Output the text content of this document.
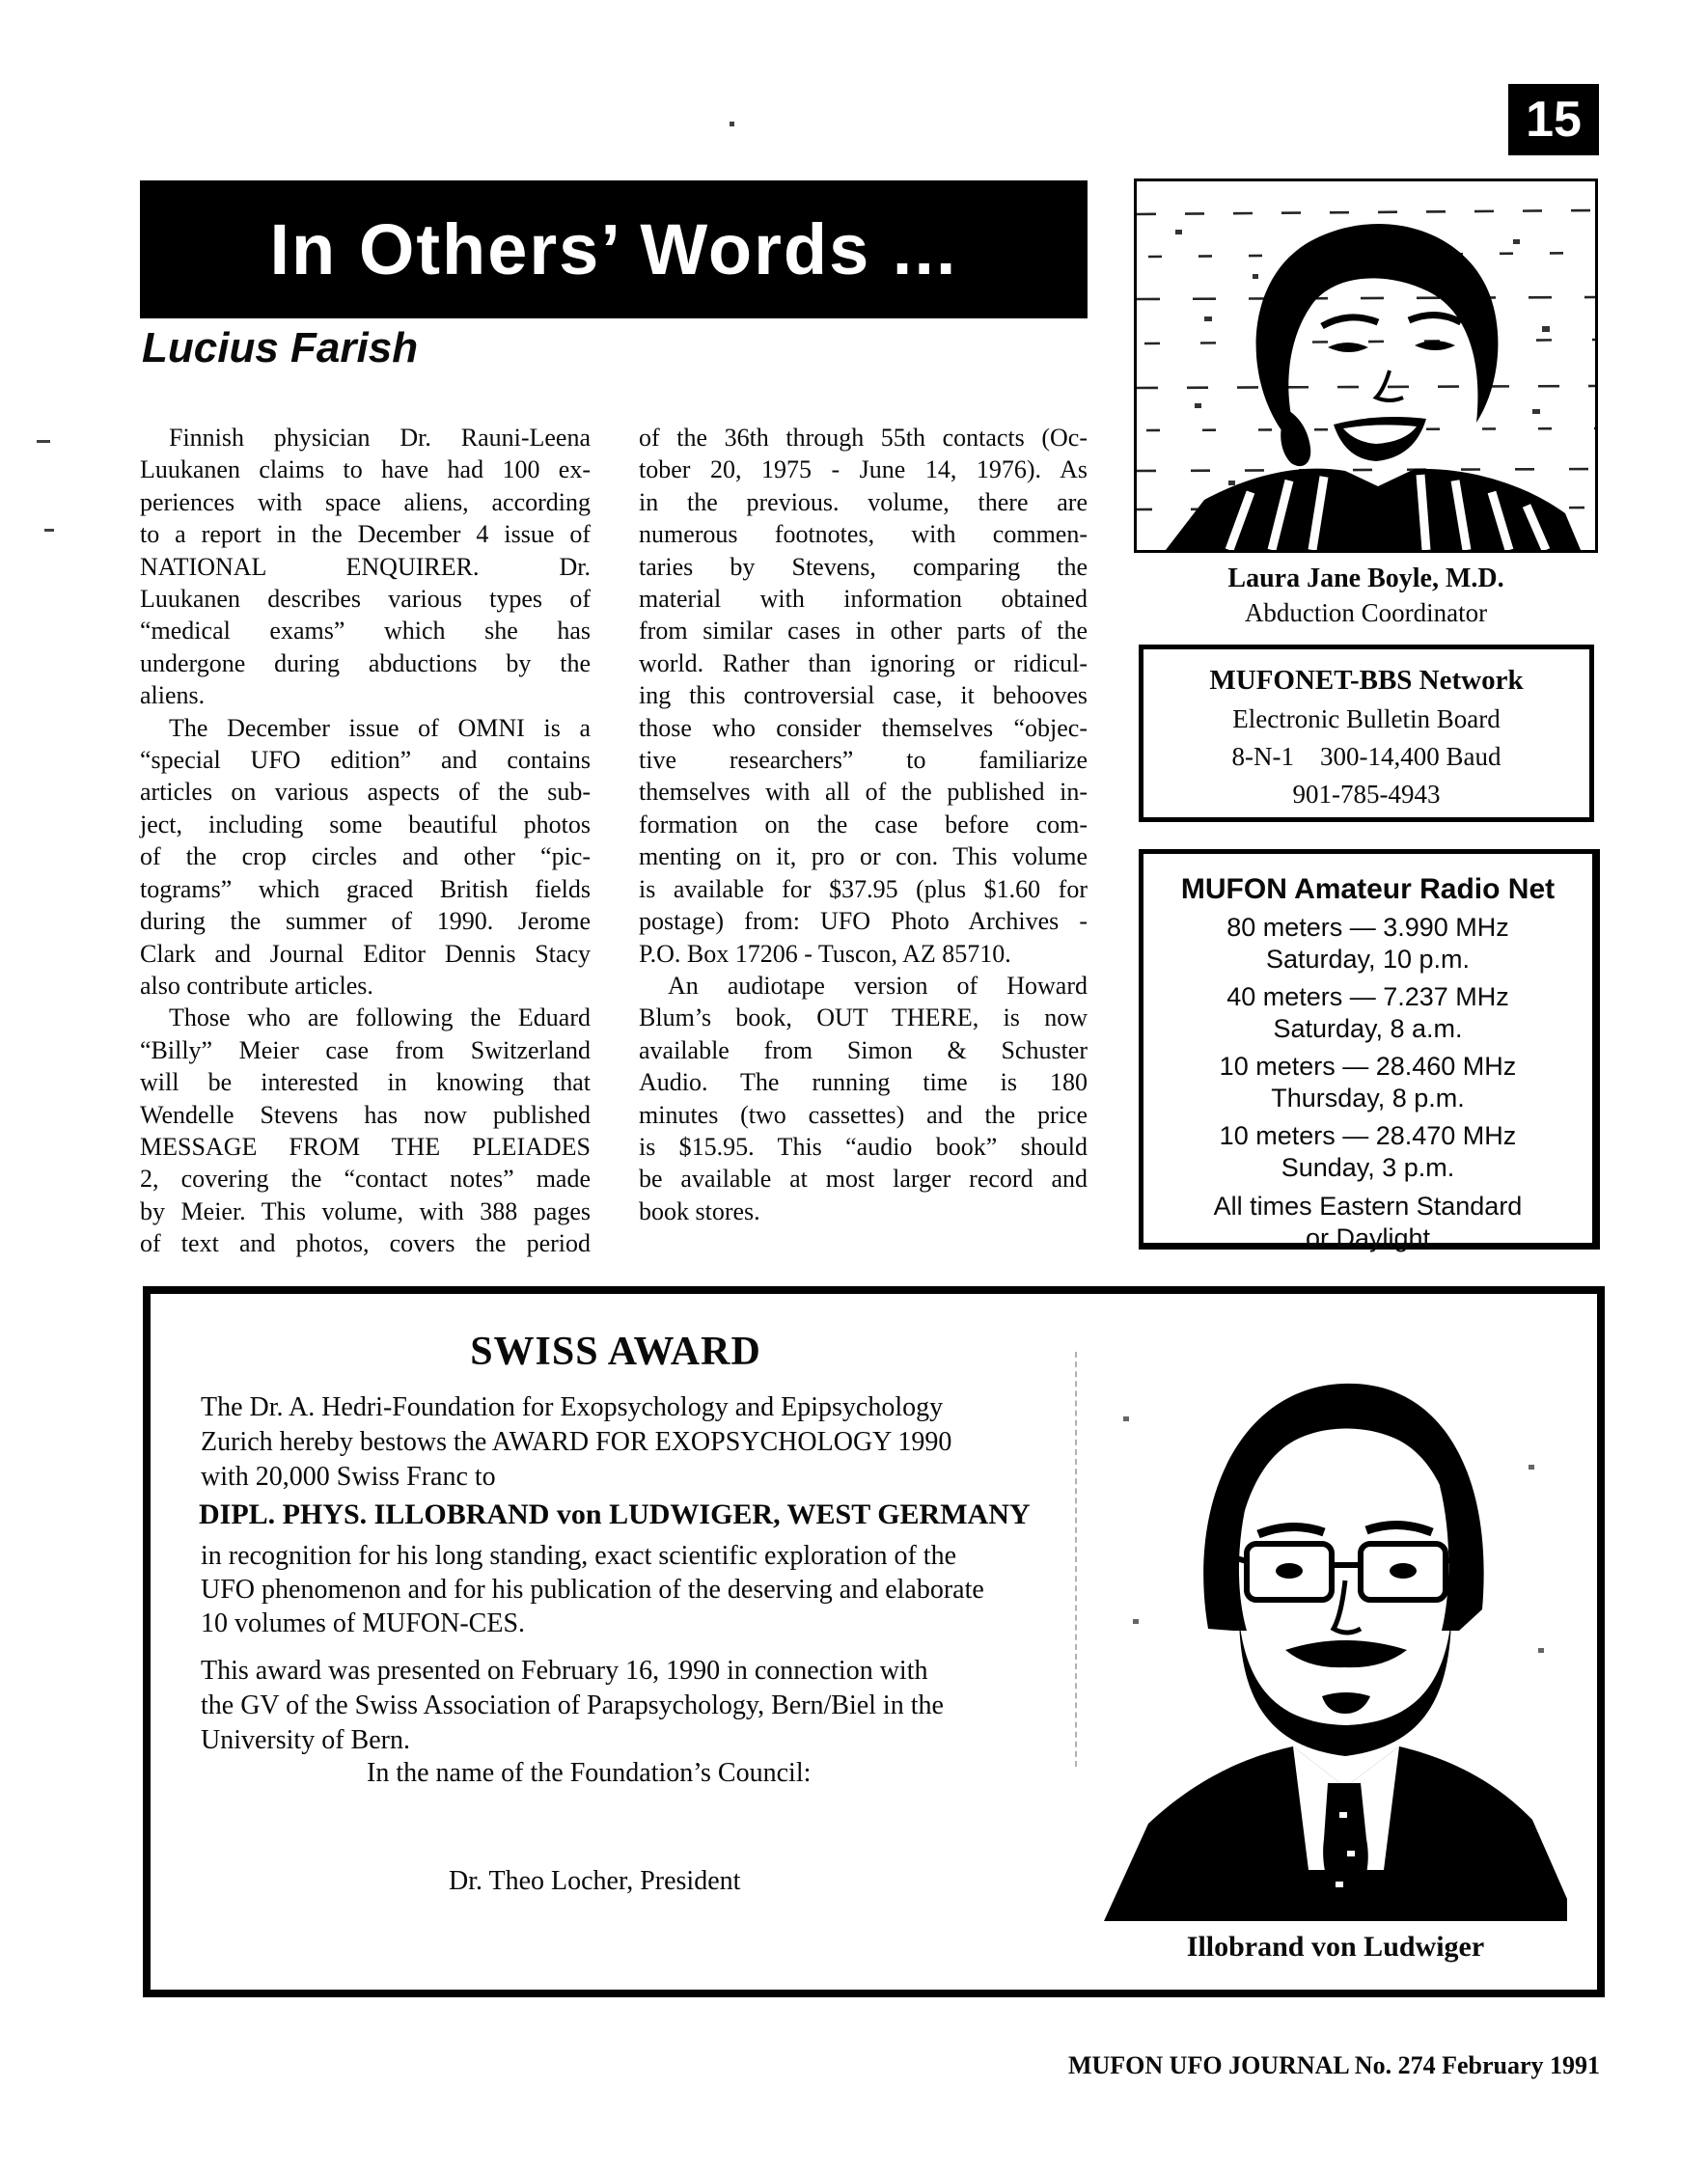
In Others’ Words ...
15
Lucius Farish
Finnish physician Dr. Rauni-Leena
Luukanen claims to have had 100 ex-
periences with space aliens, according
to a report in the December 4 issue of
NATIONAL ENQUIRER. Dr.
Luukanen describes various types of
“medical exams” which she has
undergone during abductions by the
aliens.
The December issue of OMNI is a
“special UFO edition” and contains
articles on various aspects of the sub-
ject, including some beautiful photos
of the crop circles and other “pic-
tograms” which graced British fields
during the summer of 1990. Jerome
Clark and Journal Editor Dennis Stacy
also contribute articles.
Those who are following the Eduard
“Billy” Meier case from Switzerland
will be interested in knowing that
Wendelle Stevens has now published
MESSAGE FROM THE PLEIADES
2, covering the “contact notes” made
by Meier. This volume, with 388 pages
of text and photos, covers the period
of the 36th through 55th contacts (Oc-
tober 20, 1975 - June 14, 1976). As
in the previous. volume, there are
numerous footnotes, with commen-
taries by Stevens, comparing the
material with information obtained
from similar cases in other parts of the
world. Rather than ignoring or ridicul-
ing this controversial case, it behooves
those who consider themselves “objec-
tive researchers” to familiarize
themselves with all of the published in-
formation on the case before com-
menting on it, pro or con. This volume
is available for $37.95 (plus $1.60 for
postage) from: UFO Photo Archives -
P.O. Box 17206 - Tuscon, AZ 85710.
An audiotape version of Howard
Blum’s book, OUT THERE, is now
available from Simon & Schuster
Audio. The running time is 180
minutes (two cassettes) and the price
is $15.95. This “audio book” should
be available at most larger record and
book stores.
Laura Jane Boyle, M.D.
Abduction Coordinator
MUFONET-BBS Network
Electronic Bulletin Board
8-N-1    300-14,400 Baud
901-785-4943
MUFON Amateur Radio Net
80 meters — 3.990 MHz
Saturday, 10 p.m.
40 meters — 7.237 MHz
Saturday, 8 a.m.
10 meters — 28.460 MHz
Thursday, 8 p.m.
10 meters — 28.470 MHz
Sunday, 3 p.m.
All times Eastern Standard
or Daylight
SWISS AWARD
The Dr. A. Hedri-Foundation for Exopsychology and Epipsychology
Zurich hereby bestows the AWARD FOR EXOPSYCHOLOGY 1990
with 20,000 Swiss Franc to
DIPL. PHYS. ILLOBRAND von LUDWIGER, WEST GERMANY
in recognition for his long standing, exact scientific exploration of the
UFO phenomenon and for his publication of the deserving and elaborate
10 volumes of MUFON-CES.
This award was presented on February 16, 1990 in connection with
the GV of the Swiss Association of Parapsychology, Bern/Biel in the
University of Bern.
In the name of the Foundation’s Council:
Dr. Theo Locher, President
Illobrand von Ludwiger
MUFON UFO JOURNAL No. 274 February 1991
